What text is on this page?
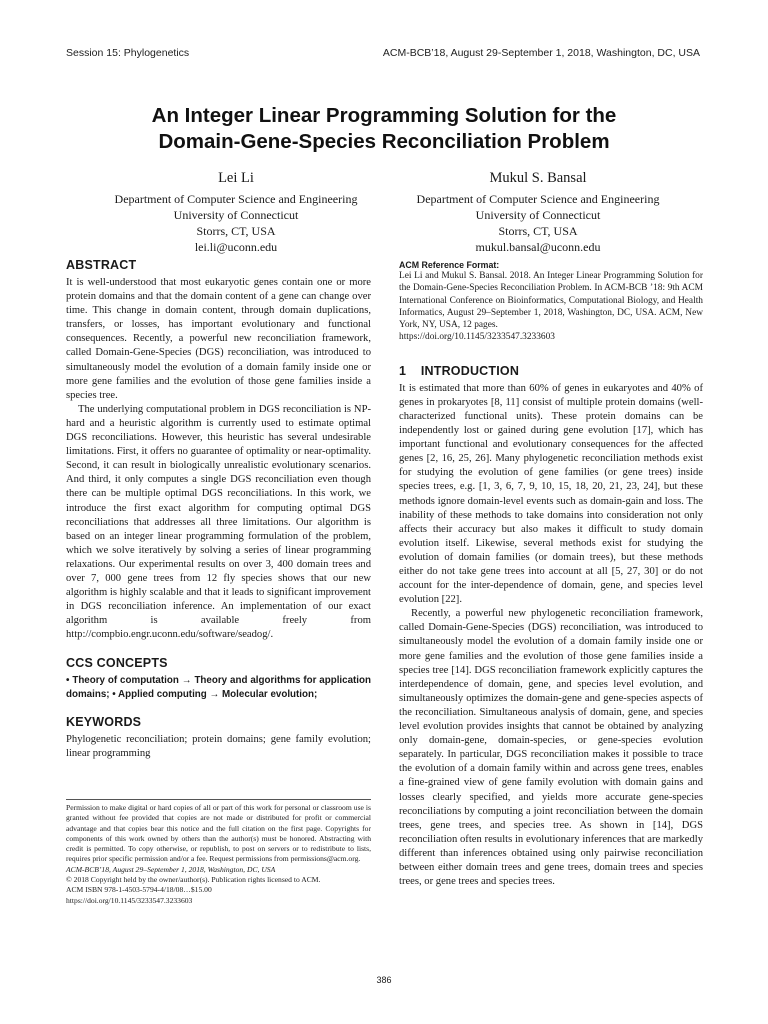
Session 15: Phylogenetics	ACM-BCB’18, August 29-September 1, 2018, Washington, DC, USA
An Integer Linear Programming Solution for the
Domain-Gene-Species Reconciliation Problem
Lei Li
Department of Computer Science and Engineering
University of Connecticut
Storrs, CT, USA
lei.li@uconn.edu
Mukul S. Bansal
Department of Computer Science and Engineering
University of Connecticut
Storrs, CT, USA
mukul.bansal@uconn.edu
ABSTRACT

It is well-understood that most eukaryotic genes contain one or more protein domains and that the domain content of a gene can change over time. This change in domain content, through domain duplications, transfers, or losses, has important evolutionary and functional consequences. Recently, a powerful new reconciliation framework, called Domain-Gene-Species (DGS) reconciliation, was introduced to simultaneously model the evolution of a domain family inside one or more gene families and the evolution of those gene families inside a species tree.

The underlying computational problem in DGS reconciliation is NP-hard and a heuristic algorithm is currently used to estimate optimal DGS reconciliations. However, this heuristic has several undesirable limitations. First, it offers no guarantee of optimality or near-optimality. Second, it can result in biologically unrealistic evolutionary scenarios. And third, it only computes a single DGS reconciliation even though there can be multiple optimal DGS reconciliations. In this work, we introduce the first exact algorithm for computing optimal DGS reconciliations that addresses all three limitations. Our algorithm is based on an integer linear programming formulation of the problem, which we solve iteratively by solving a series of linear programming relaxations. Our experimental results on over 3, 400 domain trees and over 7, 000 gene trees from 12 fly species shows that our new algorithm is highly scalable and that it leads to significant improvement in DGS reconciliation inference. An implementation of our exact algorithm is available freely from http://compbio.engr.uconn.edu/software/seadog/.

CCS CONCEPTS

• Theory of computation → Theory and algorithms for application domains; • Applied computing → Molecular evolution;

KEYWORDS

Phylogenetic reconciliation; protein domains; gene family evolution; linear programming

Permission to make digital or hard copies of all or part of this work for personal or classroom use is granted without fee provided that copies are not made or distributed for profit or commercial advantage and that copies bear this notice and the full citation on the first page. Copyrights for components of this work owned by others than the author(s) must be honored. Abstracting with credit is permitted. To copy otherwise, or republish, to post on servers or to redistribute to lists, requires prior specific permission and/or a fee. Request permissions from permissions@acm.org.
ACM-BCB’18, August 29–September 1, 2018, Washington, DC, USA
© 2018 Copyright held by the owner/author(s). Publication rights licensed to ACM.
ACM ISBN 978-1-4503-5794-4/18/08…$15.00
https://doi.org/10.1145/3233547.3233603
ACM Reference Format:

Lei Li and Mukul S. Bansal. 2018. An Integer Linear Programming Solution for the Domain-Gene-Species Reconciliation Problem. In ACM-BCB ’18: 9th ACM International Conference on Bioinformatics, Computational Biology, and Health Informatics, August 29–September 1, 2018, Washington, DC, USA. ACM, New York, NY, USA, 12 pages.

https://doi.org/10.1145/3233547.3233603

1    INTRODUCTION

It is estimated that more than 60% of genes in eukaryotes and 40% of genes in prokaryotes [8, 11] consist of multiple protein domains (well-characterized functional units). These protein domains can be independently lost or gained during gene evolution [17], which has important functional and evolutionary consequences for the affected genes [2, 16, 25, 26]. Many phylogenetic reconciliation methods exist for studying the evolution of gene families (or gene trees) inside species trees, e.g. [1, 3, 6, 7, 9, 10, 15, 18, 20, 21, 23, 24], but these methods ignore domain-level events such as domain-gain and loss. The inability of these methods to take domains into consideration not only affects their accuracy but also makes it difficult to study domain evolution itself. Likewise, several methods exist for studying the evolution of domain families (or domain trees), but these methods either do not take gene trees into account at all [5, 27, 30] or do not account for the inter-dependence of domain, gene, and species level evolution [22].

Recently, a powerful new phylogenetic reconciliation framework, called Domain-Gene-Species (DGS) reconciliation, was introduced to simultaneously model the evolution of a domain family inside one or more gene families and the evolution of those gene families inside a species tree [14]. DGS reconciliation framework explicitly captures the interdependence of domain, gene, and species level evolution, and simultaneously optimizes the domain-gene and gene-species aspects of the reconciliation. Simultaneous analysis of domain, gene, and species level evolution provides insights that cannot be obtained by analyzing only domain-gene, domain-species, or gene-species evolution separately. In particular, DGS reconciliation makes it possible to trace the evolution of a domain family within and across gene trees, enables a fine-grained view of gene family evolution with domain gains and losses clearly specified, and yields more accurate gene-species reconciliations by computing a joint reconciliation between the domain trees, gene trees, and species tree. As shown in [14], DGS reconciliation often results in evolutionary inferences that are markedly different than inferences obtained using only pairwise reconciliation between either domain trees and gene trees, domain trees and species trees, or gene trees and species trees.

386
